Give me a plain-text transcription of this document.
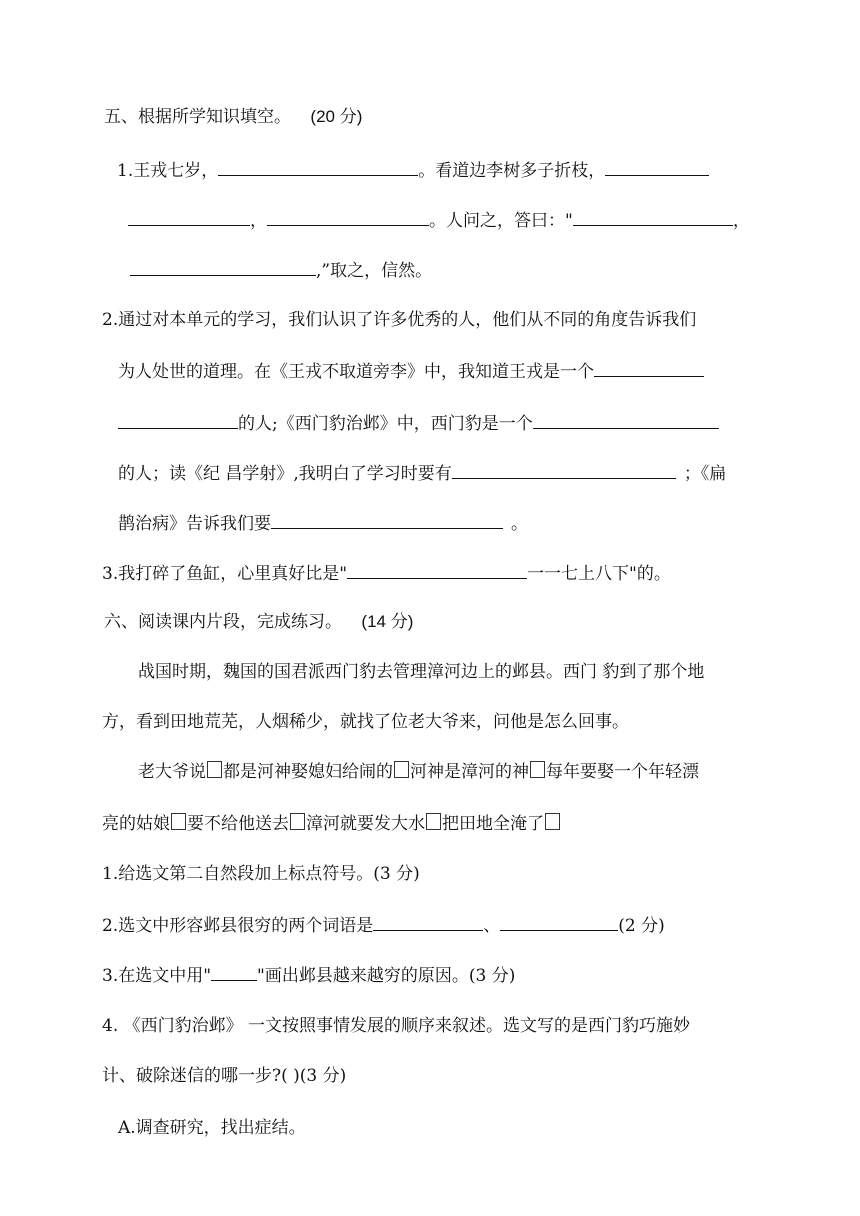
五、根据所学知识填空。 (20 分)
1.王戎七岁，	。看道边李树多子折枝，
，	。人问之，答曰："	，
,”取之，信然。
2.通过对本单元的学习，我们认识了许多优秀的人，他们从不同的角度告诉我们
为人处世的道理。在《王戎不取道旁李》中，我知道王戎是一个
的人;《西门豹治邺》中，西门豹是一个
的人；读《纪 昌学射》,我明白了学习时要有	；《扁
鹊治病》告诉我们要	。
3.我打碎了鱼缸，心里真好比是"	一一七上八下"的。
六、阅读课内片段，完成练习。 (14 分)
战国时期，魏国的国君派西门豹去管理漳河边上的邺县。西门 豹到了那个地
方，看到田地荒芜，人烟稀少，就找了位老大爷来，问他是怎么回事。
老大爷说 都是河神娶媳妇给闹的 河神是漳河的神 每年要娶一个年轻漂
亮的姑娘 要不给他送去 漳河就要发大水 把田地全淹了
1.给选文第二自然段加上标点符号。(3 分)
2.选文中形容邺县很穷的两个词语是	、	(2 分)
3.在选文中用"	"画出邺县越来越穷的原因。(3 分)
4. 《西门豹治邺》 一文按照事情发展的顺序来叙述。选文写的是西门豹巧施妙
计、破除迷信的哪一步?( )(3 分)
A.调查研究，找出症结。
